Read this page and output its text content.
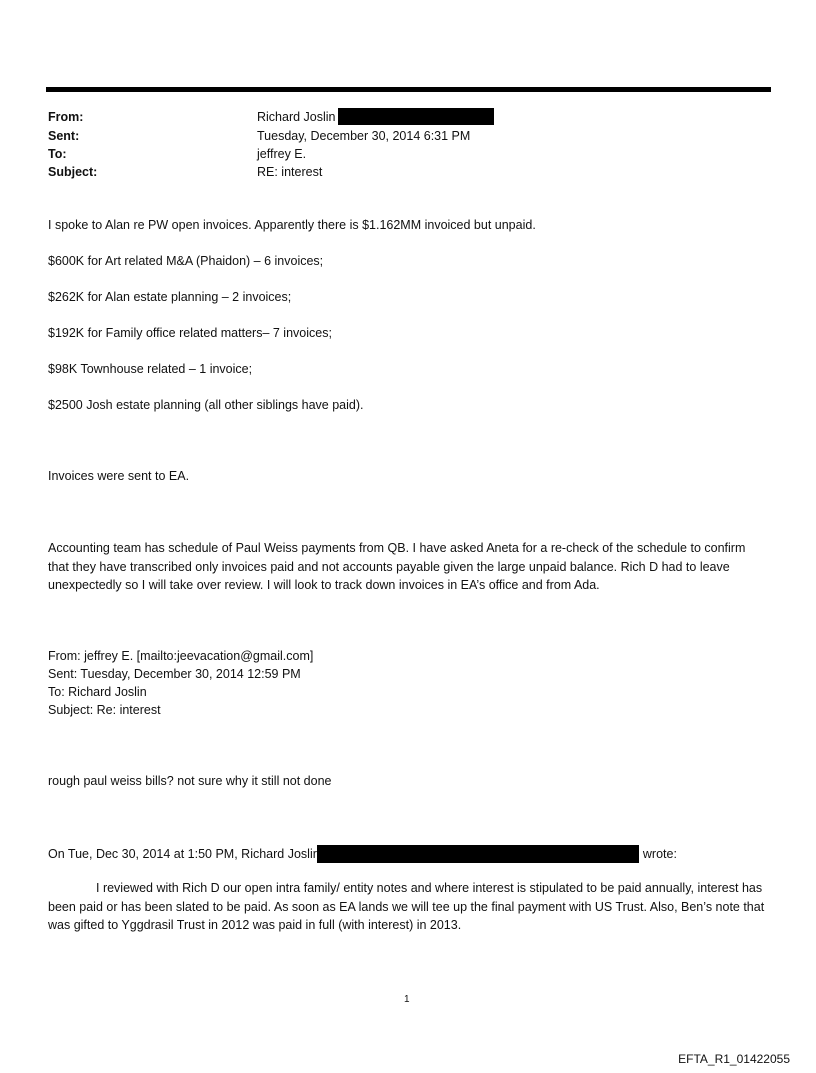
From:	Richard Joslin
Sent:	Tuesday, December 30, 2014 6:31 PM
To:	jeffrey E.
Subject:	RE: interest
I spoke to Alan re PW open invoices. Apparently there is $1.162MM invoiced but unpaid.
$600K for Art related M&A (Phaidon) – 6 invoices;
$262K for Alan estate planning – 2 invoices;
$192K for Family office related matters– 7 invoices;
$98K Townhouse related – 1 invoice;
$2500 Josh estate planning (all other siblings have paid).
Invoices were sent to EA.
Accounting team has schedule of Paul Weiss payments from QB. I have asked Aneta for a re-check of the schedule to confirm that they have transcribed only invoices paid and not accounts payable given the large unpaid balance. Rich D had to leave unexpectedly so I will take over review. I will look to track down invoices in EA’s office and from Ada.
From: jeffrey E. [mailto:jeevacation@gmail.com]
Sent: Tuesday, December 30, 2014 12:59 PM
To: Richard Joslin
Subject: Re: interest
rough paul weiss bills? not sure why it still not done
On Tue, Dec 30, 2014 at 1:50 PM, Richard Joslir	wrote:
I reviewed with Rich D our open intra family/ entity notes and where interest is stipulated to be paid annually, interest has been paid or has been slated to be paid. As soon as EA lands we will tee up the final payment with US Trust. Also, Ben’s note that was gifted to Yggdrasil Trust in 2012 was paid in full (with interest) in 2013.
1
EFTA_R1_01422055
